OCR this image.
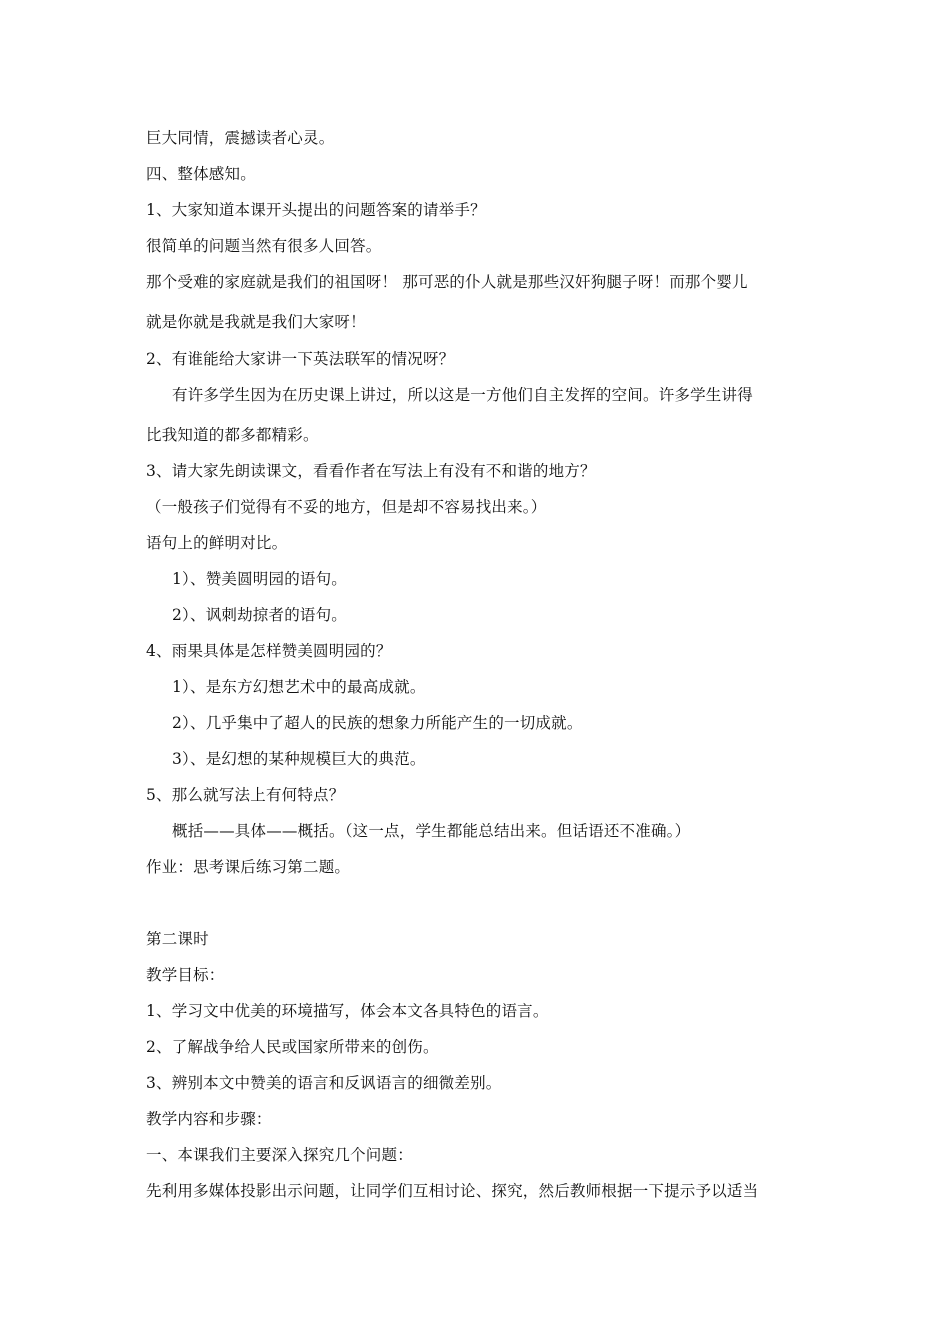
巨大同情，震撼读者心灵。
四、整体感知。
1、大家知道本课开头提出的问题答案的请举手？
很简单的问题当然有很多人回答。
那个受难的家庭就是我们的祖国呀！ 那可恶的仆人就是那些汉奸狗腿子呀！而那个婴儿
就是你就是我就是我们大家呀！
2、有谁能给大家讲一下英法联军的情况呀？
有许多学生因为在历史课上讲过，所以这是一方他们自主发挥的空间。许多学生讲得
比我知道的都多都精彩。
3、请大家先朗读课文，看看作者在写法上有没有不和谐的地方？
（一般孩子们觉得有不妥的地方，但是却不容易找出来。）
语句上的鲜明对比。
1）、赞美圆明园的语句。
2）、讽刺劫掠者的语句。
4、雨果具体是怎样赞美圆明园的？
1）、是东方幻想艺术中的最高成就。
2）、几乎集中了超人的民族的想象力所能产生的一切成就。
3）、是幻想的某种规模巨大的典范。
5、那么就写法上有何特点？
概括——具体——概括。（这一点，学生都能总结出来。但话语还不准确。）
作业：思考课后练习第二题。
第二课时
教学目标：
1、学习文中优美的环境描写，体会本文各具特色的语言。
2、了解战争给人民或国家所带来的创伤。
3、辨别本文中赞美的语言和反讽语言的细微差别。
教学内容和步骤：
一、本课我们主要深入探究几个问题：
先利用多媒体投影出示问题，让同学们互相讨论、探究，然后教师根据一下提示予以适当
